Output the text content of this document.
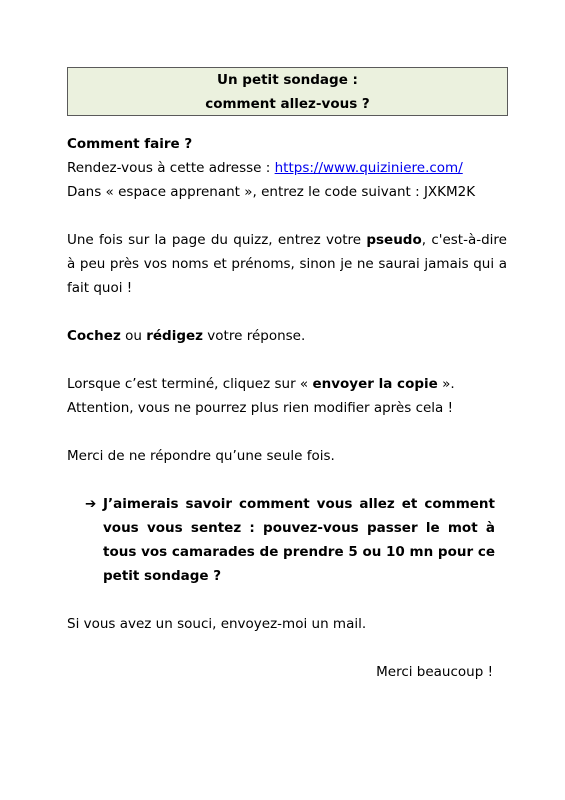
Un petit sondage :
comment allez-vous ?

Comment faire ?

Rendez-vous à cette adresse : https://www.quiziniere.com/

Dans « espace apprenant », entrez le code suivant : JXKM2K

Une fois sur la page du quizz, entrez votre pseudo, c'est-à-dire à peu près vos noms et prénoms, sinon je ne saurai jamais qui a fait quoi !

Cochez ou rédigez votre réponse.

Lorsque c’est terminé, cliquez sur « envoyer la copie ».

Attention, vous ne pourrez plus rien modifier après cela !

Merci de ne répondre qu’une seule fois.

➔ J’aimerais savoir comment vous allez et comment vous vous sentez : pouvez-vous passer le mot à tous vos camarades de prendre 5 ou 10 mn pour ce petit sondage ?

Si vous avez un souci, envoyez-moi un mail.

Merci beaucoup !
